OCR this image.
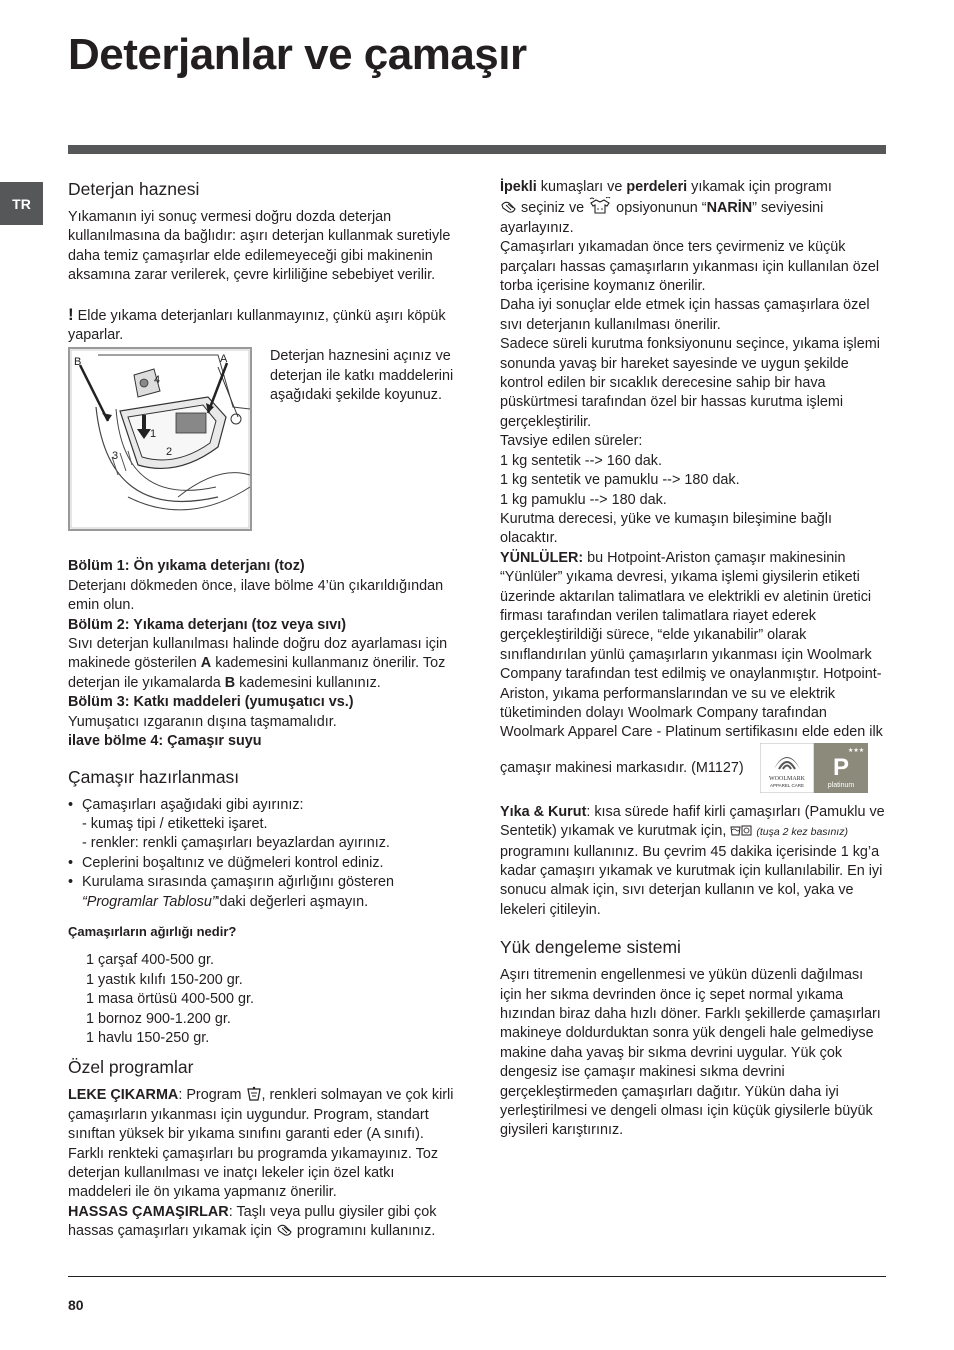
Deterjanlar ve çamaşır
TR
Deterjan haznesi

Yıkamanın iyi sonuç vermesi doğru dozda deterjan kullanılmasına da bağlıdır: aşırı deterjan kullanmak suretiyle daha temiz çamaşırlar elde edilemeyeceği gibi makinenin aksamına zarar verilerek, çevre kirliliğine sebebiyet verilir.

! Elde yıkama deterjanları kullanmayınız, çünkü aşırı köpük yaparlar.

B	A
1
2
3
4

Deterjan haznesini açınız ve deterjan ile katkı maddelerini aşağıdaki şekilde koyunuz.

Bölüm 1: Ön yıkama deterjanı (toz)

Deterjanı dökmeden önce, ilave bölme 4’ün çıkarıldığından emin olun.

Bölüm 2: Yıkama deterjanı (toz veya sıvı)

Sıvı deterjan kullanılması halinde doğru doz ayarlaması için makinede gösterilen A kademesini kullanmanız önerilir. Toz deterjan ile yıkamalarda B kademesini kullanınız.

Bölüm 3: Katkı maddeleri (yumuşatıcı vs.)

Yumuşatıcı ızgaranın dışına taşmamalıdır.

ilave bölme 4: Çamaşır suyu

Çamaşır hazırlanması
• Çamaşırları aşağıdaki gibi ayırınız:
- kumaş tipi / etiketteki işaret.
- renkler: renkli çamaşırları beyazlardan ayırınız.
• Ceplerini boşaltınız ve düğmeleri kontrol ediniz.
• Kurulama sırasında çamaşırın ağırlığını gösteren “Programlar Tablosu”'daki değerleri aşmayın.

Çamaşırların ağırlığı nedir?

1 çarşaf 400-500 gr.
1 yastık kılıfı 150-200 gr.
1 masa örtüsü 400-500 gr.
1 bornoz 900-1.200 gr.
1 havlu 150-250 gr.
Özel programlar

LEKE ÇIKARMA: Program , renkleri solmayan ve çok kirli çamaşırların yıkanması için uygundur. Program, standart sınıftan yüksek bir yıkama sınıfını garanti eder (A sınıfı). Farklı renkteki çamaşırları bu programda yıkamayınız. Toz deterjan kullanılması ve inatçı lekeler için özel katkı maddeleri ile ön yıkama yapmanız önerilir.

HASSAS ÇAMAŞIRLAR: Taşlı veya pullu giysiler gibi çok hassas çamaşırları yıkamak için  programını kullanınız.

İpekli kumaşları ve perdeleri yıkamak için programı
seçiniz ve  opsiyonunun “NARİN” seviyesini ayarlayınız.

Çamaşırları yıkamadan önce ters çevirmeniz ve küçük parçaları hassas çamaşırların yıkanması için kullanılan özel torba içerisine koymanız önerilir.

Daha iyi sonuçlar elde etmek için hassas çamaşırlara özel sıvı deterjanın kullanılması önerilir.

Sadece süreli kurutma fonksiyonunu seçince, yıkama işlemi sonunda yavaş bir hareket sayesinde ve uygun şekilde kontrol edilen bir sıcaklık derecesine sahip bir hava püskürtmesi tarafından özel bir hassas kurutma işlemi gerçekleştirilir.

Tavsiye edilen süreler:

1 kg sentetik --> 160 dak.

1 kg sentetik ve pamuklu --> 180 dak.

1 kg pamuklu --> 180 dak.

Kurutma derecesi, yüke ve kumaşın bileşimine bağlı olacaktır.

YÜNLÜLER: bu Hotpoint-Ariston çamaşır makinesinin “Yünlüler” yıkama devresi, yıkama işlemi giysilerin etiketi üzerinde aktarılan talimatlara ve elektrikli ev aletinin üretici firması tarafından verilen talimatlara riayet ederek gerçekleştirildiği sürece, “elde yıkanabilir” olarak sınıflandırılan yünlü çamaşırların yıkanması için Woolmark Company tarafından test edilmiş ve onaylanmıştır. Hotpoint-Ariston, yıkama performanslarından ve su ve elektrik tüketiminden dolayı Woolmark Company tarafından Woolmark Apparel Care - Platinum sertifikasını elde eden ilk çamaşır makinesi markasıdır. (M1127)
WOOLMARK
APPAREL CARE
★★★
P
platinum

Yıka & Kurut: kısa sürede hafif kirli çamaşırları (Pamuklu ve Sentetik) yıkamak ve kurutmak için,  (tuşa 2 kez basınız) programını kullanınız. Bu çevrim 45 dakika içerisinde 1 kg’a kadar çamaşırı yıkamak ve kurutmak için kullanılabilir. En iyi sonucu almak için, sıvı deterjan kullanın ve kol, yaka ve lekeleri çitileyin.

Yük dengeleme sistemi

Aşırı titremenin engellenmesi ve yükün düzenli dağılması için her sıkma devrinden önce iç sepet normal yıkama hızından biraz daha hızlı döner. Farklı şekillerde çamaşırları makineye doldurduktan sonra yük dengeli hale gelmediyse makine daha yavaş bir sıkma devrini uygular. Yük çok dengesiz ise çamaşır makinesi sıkma devrini gerçekleştirmeden çamaşırları dağıtır. Yükün daha iyi yerleştirilmesi ve dengeli olması için küçük giysilerle büyük giysileri karıştırınız.

80
